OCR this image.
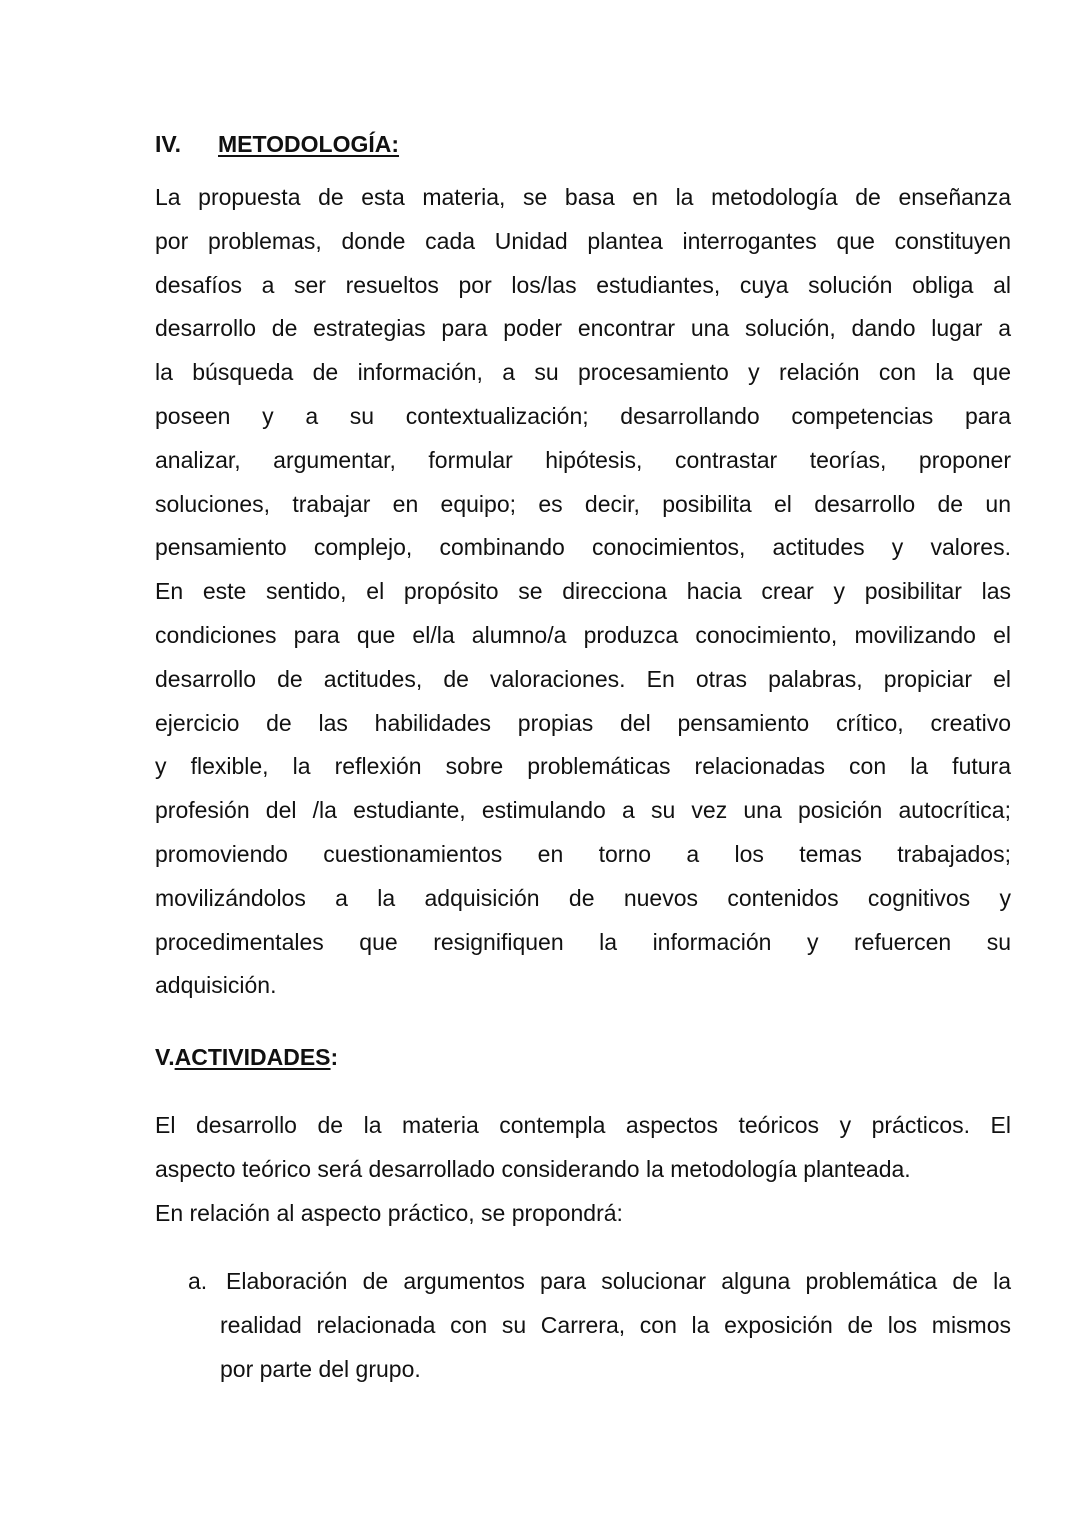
IV. METODOLOGÍA:
La propuesta de esta materia, se basa en la metodología de enseñanza
por problemas, donde cada Unidad plantea interrogantes que constituyen
desafíos a ser resueltos por los/las estudiantes, cuya solución obliga al
desarrollo de estrategias para poder encontrar una solución, dando lugar a
la búsqueda de información, a su procesamiento y relación con la que
poseen y a su contextualización; desarrollando competencias para
analizar, argumentar, formular hipótesis, contrastar teorías, proponer
soluciones, trabajar en equipo; es decir, posibilita el desarrollo de un
pensamiento complejo, combinando conocimientos, actitudes y valores.
En este sentido, el propósito se direcciona hacia crear y posibilitar las
condiciones para que el/la alumno/a produzca conocimiento, movilizando el
desarrollo de actitudes, de valoraciones. En otras palabras, propiciar el
ejercicio de las habilidades propias del pensamiento crítico, creativo
y flexible, la reflexión sobre problemáticas relacionadas con la futura
profesión del /la estudiante, estimulando a su vez una posición autocrítica;
promoviendo cuestionamientos en torno a los temas trabajados;
movilizándolos a la adquisición de nuevos contenidos cognitivos y
procedimentales que resignifiquen la información y refuercen su
adquisición.
V.ACTIVIDADES:
El desarrollo de la materia contempla aspectos teóricos y prácticos. El
aspecto teórico será desarrollado considerando la metodología planteada.
En relación al aspecto práctico, se propondrá:
a. Elaboración de argumentos para solucionar alguna problemática de la
realidad relacionada con su Carrera, con la exposición de los mismos
por parte del grupo.
